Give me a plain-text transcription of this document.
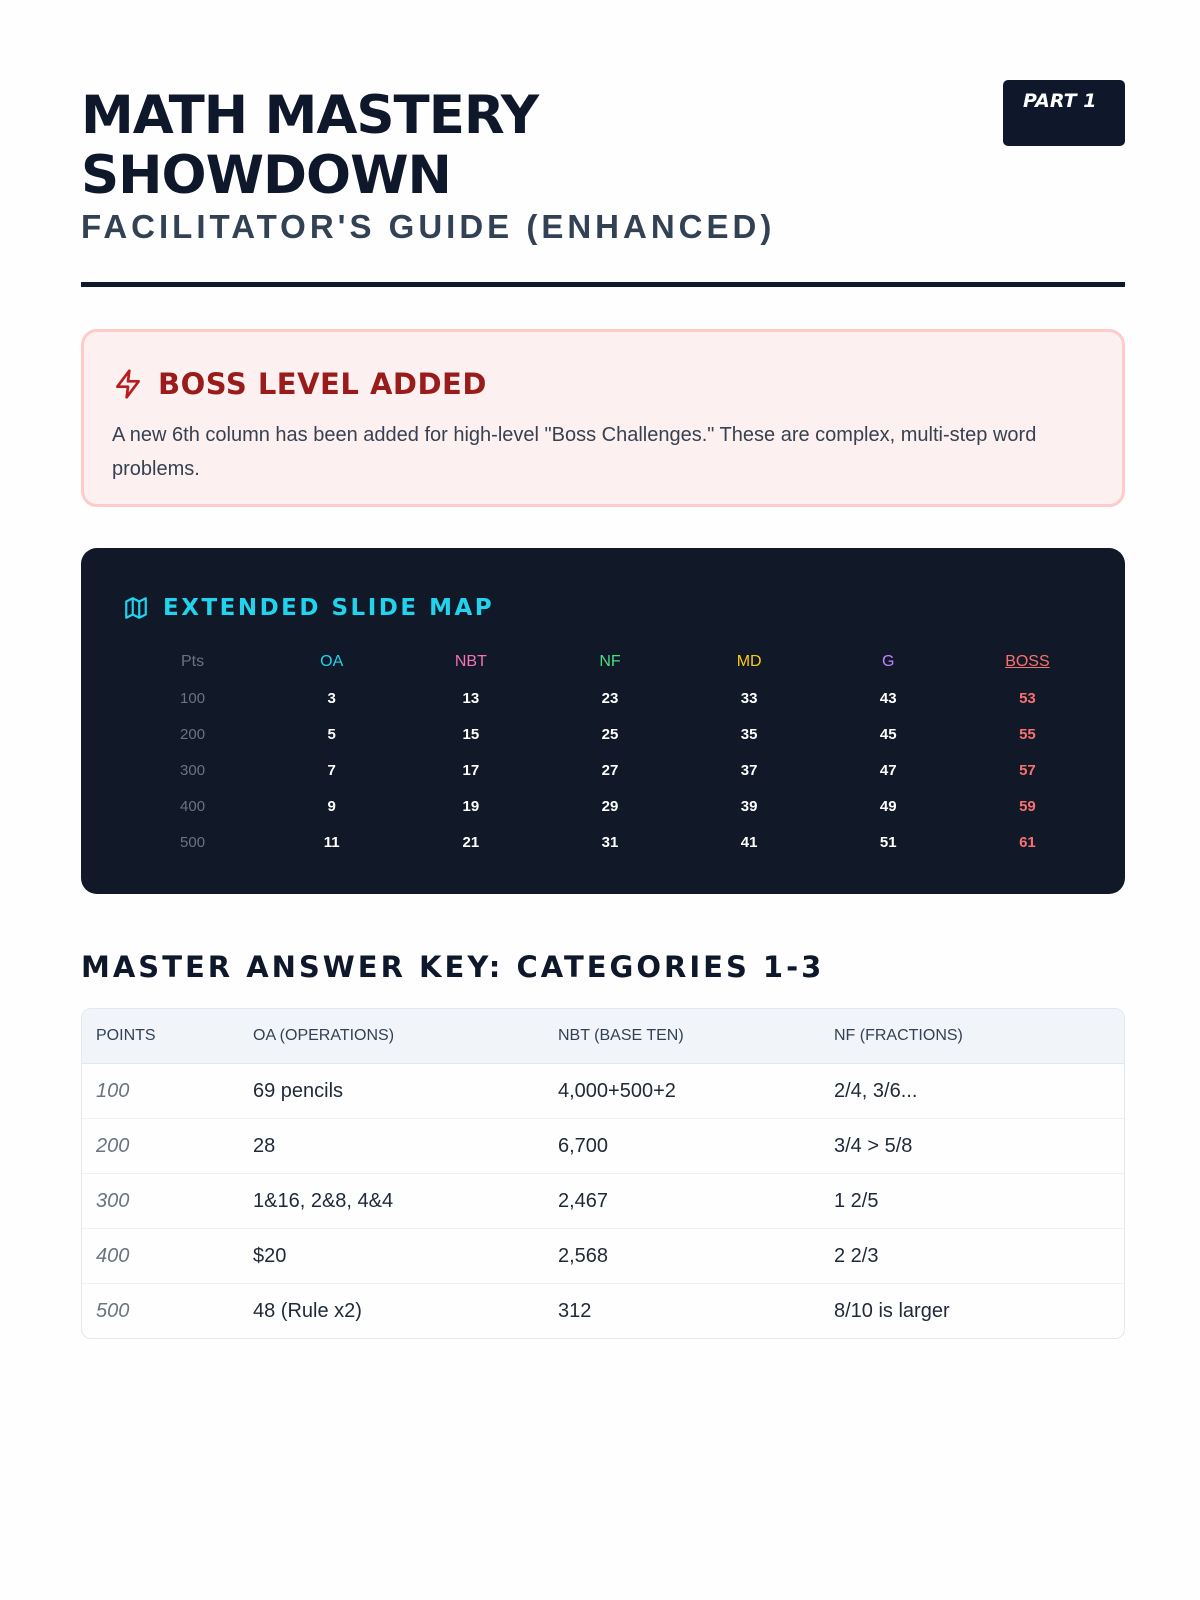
MATH MASTERY SHOWDOWN
FACILITATOR'S GUIDE (ENHANCED)
PART 1
BOSS LEVEL ADDED
A new 6th column has been added for high-level "Boss Challenges." These are complex, multi-step word problems.
EXTENDED SLIDE MAP
Pts	OA	NBT	NF	MD	G	BOSS
100	3	13	23	33	43	53
200	5	15	25	35	45	55
300	7	17	27	37	47	57
400	9	19	29	39	49	59
500	11	21	31	41	51	61
MASTER ANSWER KEY: CATEGORIES 1-3
POINTS	OA (OPERATIONS)	NBT (BASE TEN)	NF (FRACTIONS)
100	69 pencils	4,000+500+2	2/4, 3/6...
200	28	6,700	3/4 > 5/8
300	1&16, 2&8, 4&4	2,467	1 2/5
400	$20	2,568	2 2/3
500	48 (Rule x2)	312	8/10 is larger
